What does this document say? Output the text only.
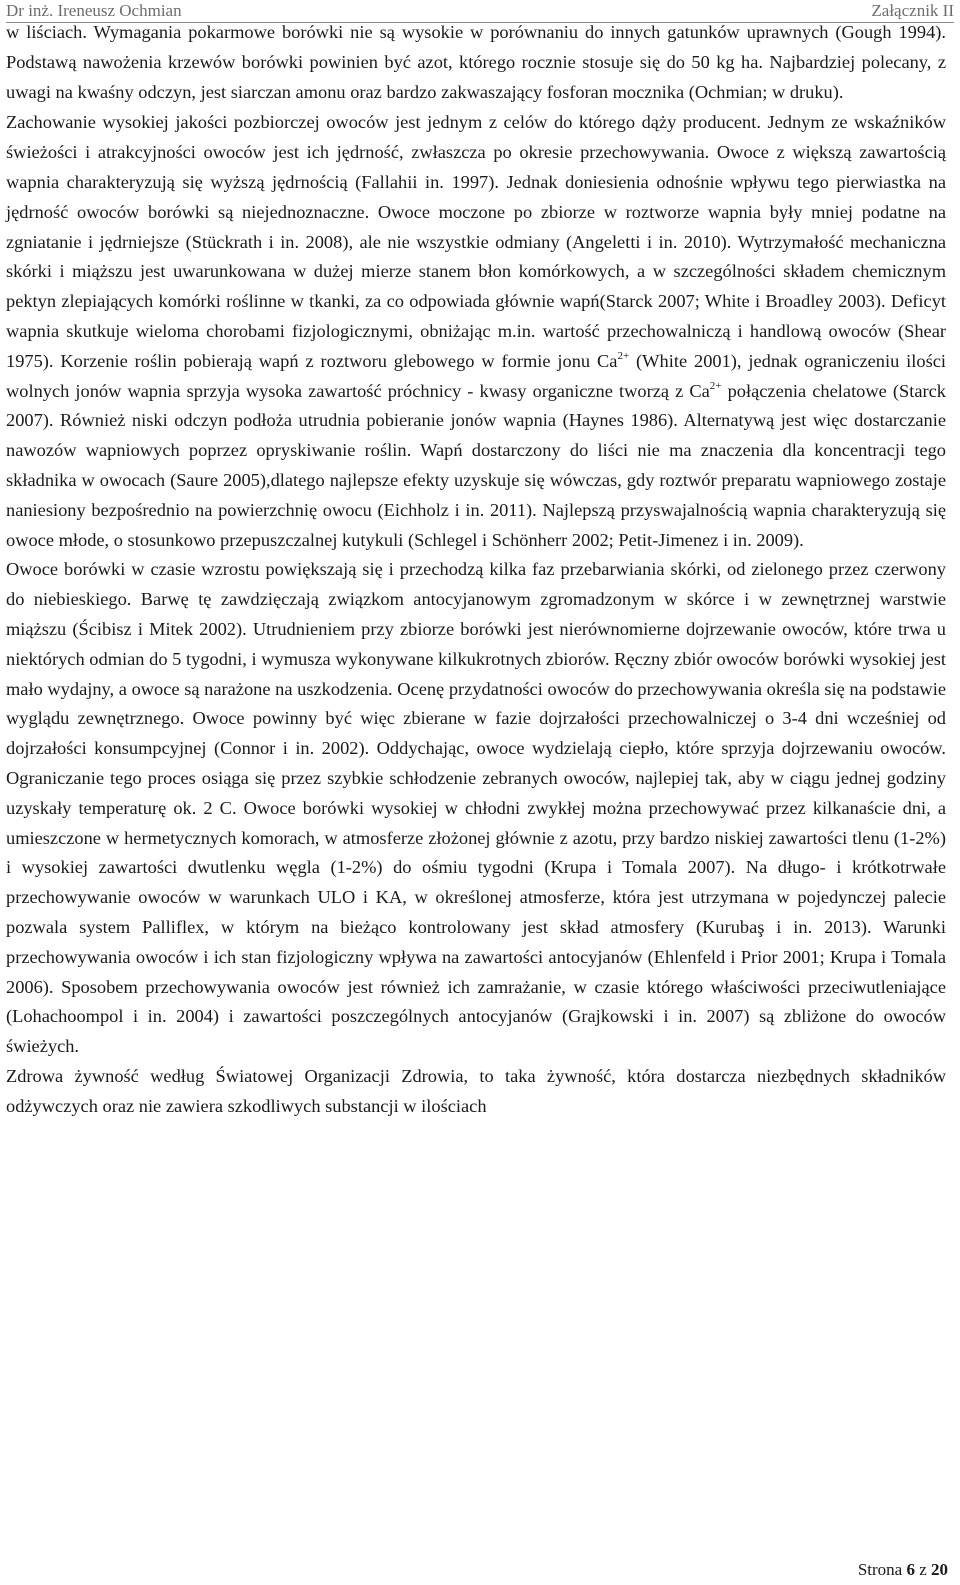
Dr inż. Ireneusz Ochmian	Załącznik II

w liściach. Wymagania pokarmowe borówki nie są wysokie w porównaniu do innych gatunków uprawnych (Gough 1994). Podstawą nawożenia krzewów borówki powinien być azot, którego rocznie stosuje się do 50 kg ha. Najbardziej polecany, z uwagi na kwaśny odczyn, jest siarczan amonu oraz bardzo zakwaszający fosforan mocznika (Ochmian; w druku).

Zachowanie wysokiej jakości pozbiorczej owoców jest jednym z celów do którego dąży producent. Jednym ze wskaźników świeżości i atrakcyjności owoców jest ich jędrność, zwłaszcza po okresie przechowywania. Owoce z większą zawartością wapnia charakteryzują się wyższą jędrnością (Fallahii in. 1997). Jednak doniesienia odnośnie wpływu tego pierwiastka na jędrność owoców borówki są niejednoznaczne. Owoce moczone po zbiorze w roztworze wapnia były mniej podatne na zgniatanie i jędrniejsze (Stückrath i in. 2008), ale nie wszystkie odmiany (Angeletti i in. 2010). Wytrzymałość mechaniczna skórki i miąższu jest uwarunkowana w dużej mierze stanem błon komórkowych, a w szczególności składem chemicznym pektyn zlepiających komórki roślinne w tkanki, za co odpowiada głównie wapń(Starck 2007; White i Broadley 2003). Deficyt wapnia skutkuje wieloma chorobami fizjologicznymi, obniżając m.in. wartość przechowalniczą i handlową owoców (Shear 1975). Korzenie roślin pobierają wapń z roztworu glebowego w formie jonu $Ca^{2+}$ (White 2001), jednak ograniczeniu ilości wolnych jonów wapnia sprzyja wysoka zawartość próchnicy - kwasy organiczne tworzą z $Ca^{2+}$ połączenia chelatowe (Starck 2007). Również niski odczyn podłoża utrudnia pobieranie jonów wapnia (Haynes 1986). Alternatywą jest więc dostarczanie nawozów wapniowych poprzez opryskiwanie roślin. Wapń dostarczony do liści nie ma znaczenia dla koncentracji tego składnika w owocach (Saure 2005),dlatego najlepsze efekty uzyskuje się wówczas, gdy roztwór preparatu wapniowego zostaje naniesiony bezpośrednio na powierzchnię owocu (Eichholz i in. 2011). Najlepszą przyswajalnością wapnia charakteryzują się owoce młode, o stosunkowo przepuszczalnej kutykuli (Schlegel i Schönherr 2002; Petit-Jimenez i in. 2009).

Owoce borówki w czasie wzrostu powiększają się i przechodzą kilka faz przebarwiania skórki, od zielonego przez czerwony do niebieskiego. Barwę tę zawdzięczają związkom antocyjanowym zgromadzonym w skórce i w zewnętrznej warstwie miąższu (Ścibisz i Mitek 2002). Utrudnieniem przy zbiorze borówki jest nierównomierne dojrzewanie owoców, które trwa u niektórych odmian do 5 tygodni, i wymusza wykonywane kilkukrotnych zbiorów. Ręczny zbiór owoców borówki wysokiej jest mało wydajny, a owoce są narażone na uszkodzenia. Ocenę przydatności owoców do przechowywania określa się na podstawie wyglądu zewnętrznego. Owoce powinny być więc zbierane w fazie dojrzałości przechowalniczej o 3-4 dni wcześniej od dojrzałości konsumpcyjnej (Connor i in. 2002). Oddychając, owoce wydzielają ciepło, które sprzyja dojrzewaniu owoców. Ograniczanie tego proces osiąga się przez szybkie schłodzenie zebranych owoców, najlepiej tak, aby w ciągu jednej godziny uzyskały temperaturę ok. 2 C. Owoce borówki wysokiej w chłodni zwykłej można przechowywać przez kilkanaście dni, a umieszczone w hermetycznych komorach, w atmosferze złożonej głównie z azotu, przy bardzo niskiej zawartości tlenu (1-2%) i wysokiej zawartości dwutlenku węgla (1-2%) do ośmiu tygodni (Krupa i Tomala 2007). Na długo- i krótkotrwałe przechowywanie owoców w warunkach ULO i KA, w określonej atmosferze, która jest utrzymana w pojedynczej palecie pozwala system Palliflex, w którym na bieżąco kontrolowany jest skład atmosfery (Kurubaş i in. 2013). Warunki przechowywania owoców i ich stan fizjologiczny wpływa na zawartości antocyjanów (Ehlenfeld i Prior 2001; Krupa i Tomala 2006). Sposobem przechowywania owoców jest również ich zamrażanie, w czasie którego właściwości przeciwutleniające (Lohachoompol i in. 2004) i zawartości poszczególnych antocyjanów (Grajkowski i in. 2007) są zbliżone do owoców świeżych.

Zdrowa żywność według Światowej Organizacji Zdrowia, to taka żywność, która dostarcza niezbędnych składników odżywczych oraz nie zawiera szkodliwych substancji w ilościach

Strona 6 z 20
